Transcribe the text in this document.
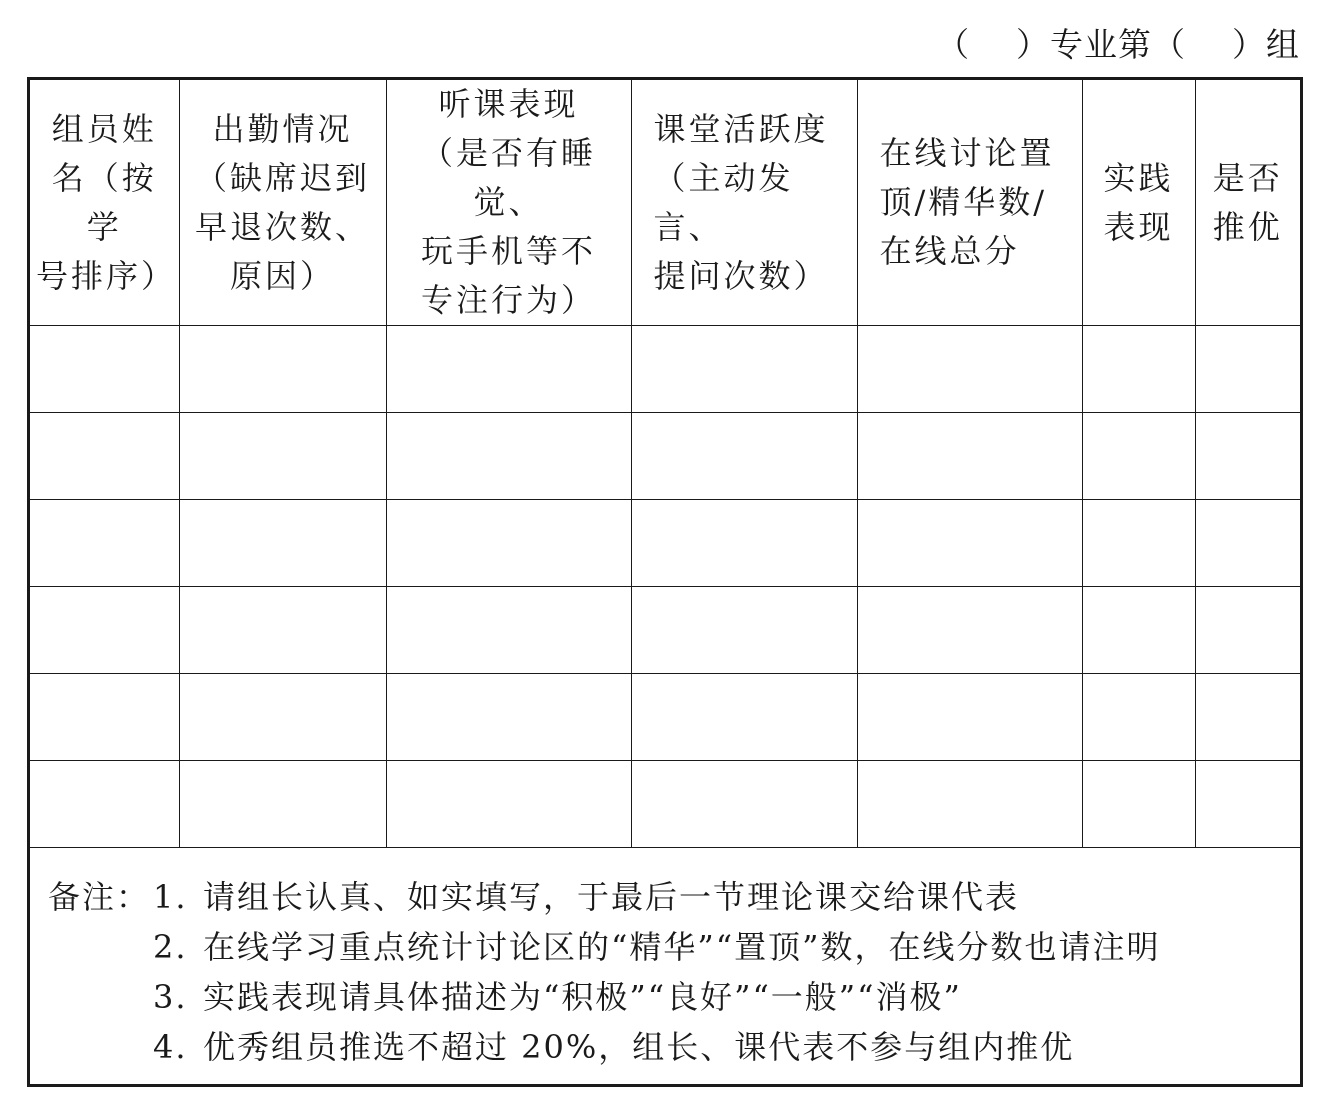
（    ）专业第（    ）组
组员姓
名（按学
号排序）	出勤情况
（缺席迟到
早退次数、
原因）	听课表现
（是否有睡觉、
玩手机等不
专注行为）	课堂活跃度
（主动发言、
提问次数）	在线讨论置
顶/精华数/
在线总分	实践
表现	是否
推优

备注： 1. 请组长认真、如实填写，于最后一节理论课交给课代表
2. 在线学习重点统计讨论区的“精华”“置顶”数，在线分数也请注明
3. 实践表现请具体描述为“积极”“良好”“一般”“消极”
4. 优秀组员推选不超过 20%，组长、课代表不参与组内推优
